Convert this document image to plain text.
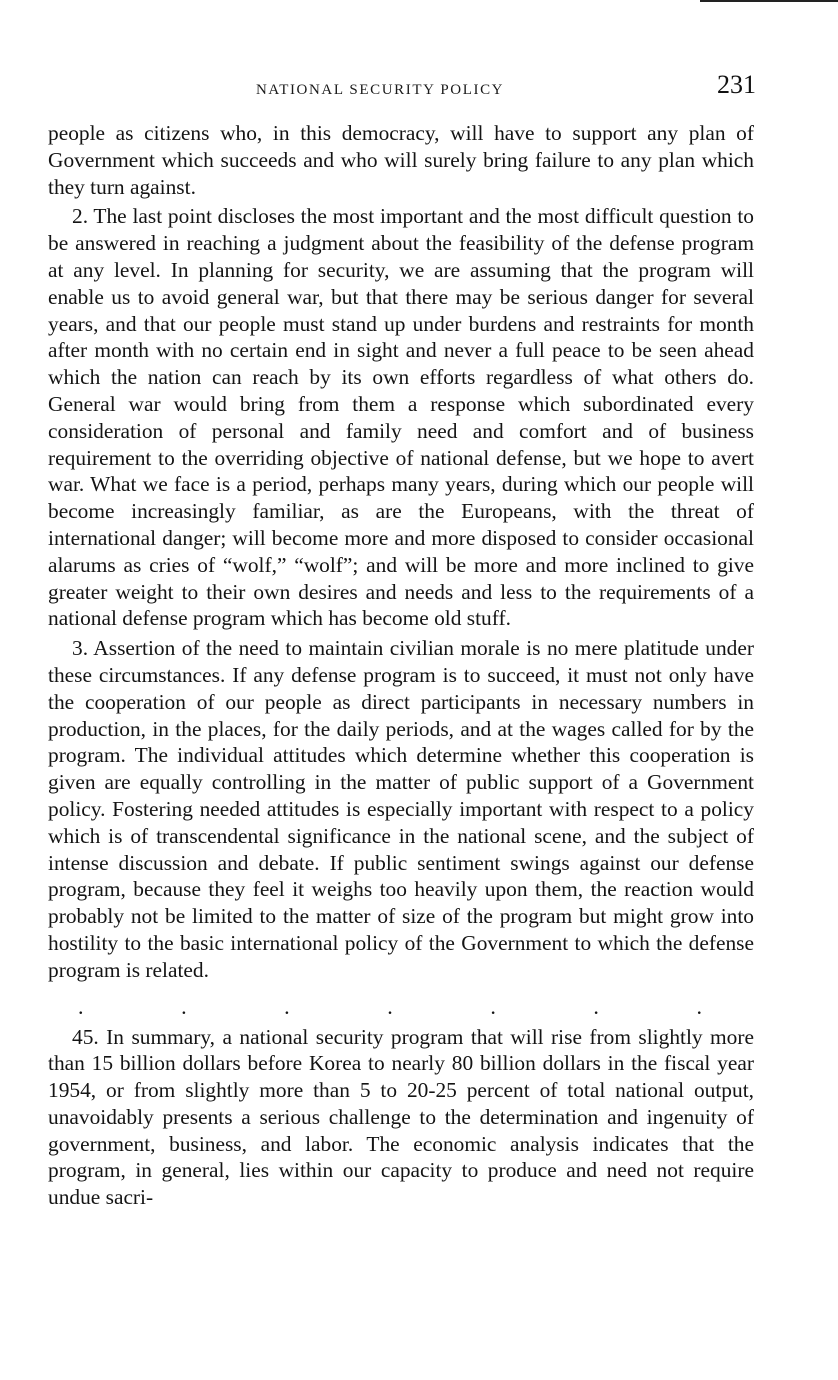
NATIONAL SECURITY POLICY	231

people as citizens who, in this democracy, will have to support any plan of Government which succeeds and who will surely bring failure to any plan which they turn against.

2. The last point discloses the most important and the most difficult question to be answered in reaching a judgment about the feasibility of the defense program at any level. In planning for security, we are assuming that the program will enable us to avoid general war, but that there may be serious danger for several years, and that our people must stand up under burdens and restraints for month after month with no certain end in sight and never a full peace to be seen ahead which the nation can reach by its own efforts regardless of what others do. General war would bring from them a response which subordinated every consideration of personal and family need and comfort and of business requirement to the overriding objective of national defense, but we hope to avert war. What we face is a period, perhaps many years, during which our people will become increasingly familiar, as are the Europeans, with the threat of international danger; will become more and more disposed to consider occasional alarums as cries of “wolf,” “wolf”; and will be more and more inclined to give greater weight to their own desires and needs and less to the requirements of a national defense program which has become old stuff.

3. Assertion of the need to maintain civilian morale is no mere platitude under these circumstances. If any defense program is to succeed, it must not only have the cooperation of our people as direct participants in necessary numbers in production, in the places, for the daily periods, and at the wages called for by the program. The individual attitudes which determine whether this cooperation is given are equally controlling in the matter of public support of a Government policy. Fostering needed attitudes is especially important with respect to a policy which is of transcendental significance in the national scene, and the subject of intense discussion and debate. If public sentiment swings against our defense program, because they feel it weighs too heavily upon them, the reaction would probably not be limited to the matter of size of the program but might grow into hostility to the basic international policy of the Government to which the defense program is related.

.	.	.	.	.	.	.

45. In summary, a national security program that will rise from slightly more than 15 billion dollars before Korea to nearly 80 billion dollars in the fiscal year 1954, or from slightly more than 5 to 20-25 percent of total national output, unavoidably presents a serious challenge to the determination and ingenuity of government, business, and labor. The economic analysis indicates that the program, in general, lies within our capacity to produce and need not require undue sacri-
